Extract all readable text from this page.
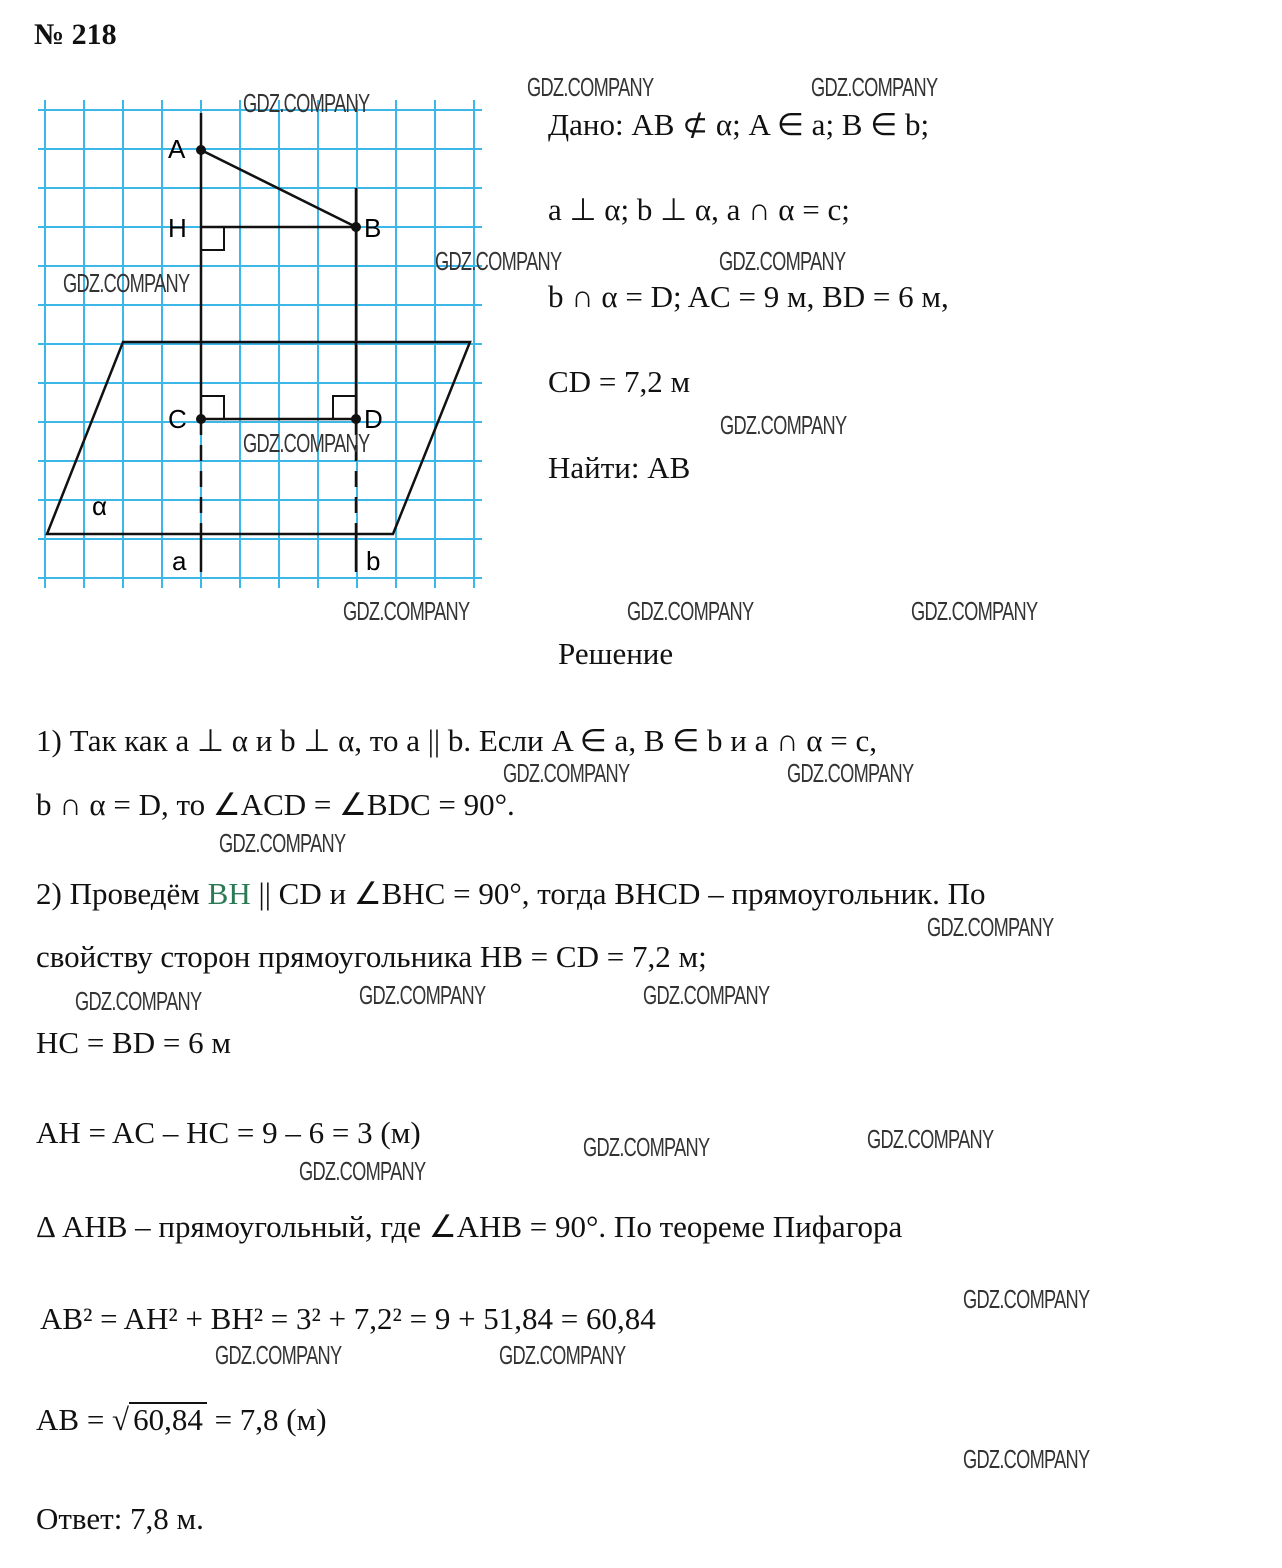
№ 218
A
B
H
C	D
α
a	b
Дано: AB ⊄ α; A ∈ a; B ∈ b;
a ⊥ α; b ⊥ α, a ∩ α = c;
b ∩ α = D; AC = 9 м, BD = 6 м,
CD = 7,2 м
Найти: AB
Решение
1) Так как a ⊥ α и b ⊥ α, то a || b. Если A ∈ a, B ∈ b и a ∩ α = c,
b ∩ α = D, то ∠ACD = ∠BDC = 90°.
2) Проведём BH || CD и ∠BHC = 90°, тогда BHCD – прямоугольник. По
свойству сторон прямоугольника HB = CD = 7,2 м;
HC = BD = 6 м
AH = AC – HC = 9 – 6 = 3 (м)
Δ AHB – прямоугольный, где ∠AHB = 90°. По теореме Пифагора
AB² = AH² + BH² = 3² + 7,2² = 9 + 51,84 = 60,84
AB = √ 60,84 = 7,8 (м)
Ответ: 7,8 м.
GDZ.COMPANY
GDZ.COMPANY	GDZ.COMPANY
GDZ.COMPANY
GDZ.COMPANY	GDZ.COMPANY
GDZ.COMPANY
GDZ.COMPANY
GDZ.COMPANY	GDZ.COMPANY	GDZ.COMPANY
GDZ.COMPANY	GDZ.COMPANY
GDZ.COMPANY
GDZ.COMPANY
GDZ.COMPANY	GDZ.COMPANY	GDZ.COMPANY
GDZ.COMPANY	GDZ.COMPANY
GDZ.COMPANY
GDZ.COMPANY
GDZ.COMPANY	GDZ.COMPANY
GDZ.COMPANY
